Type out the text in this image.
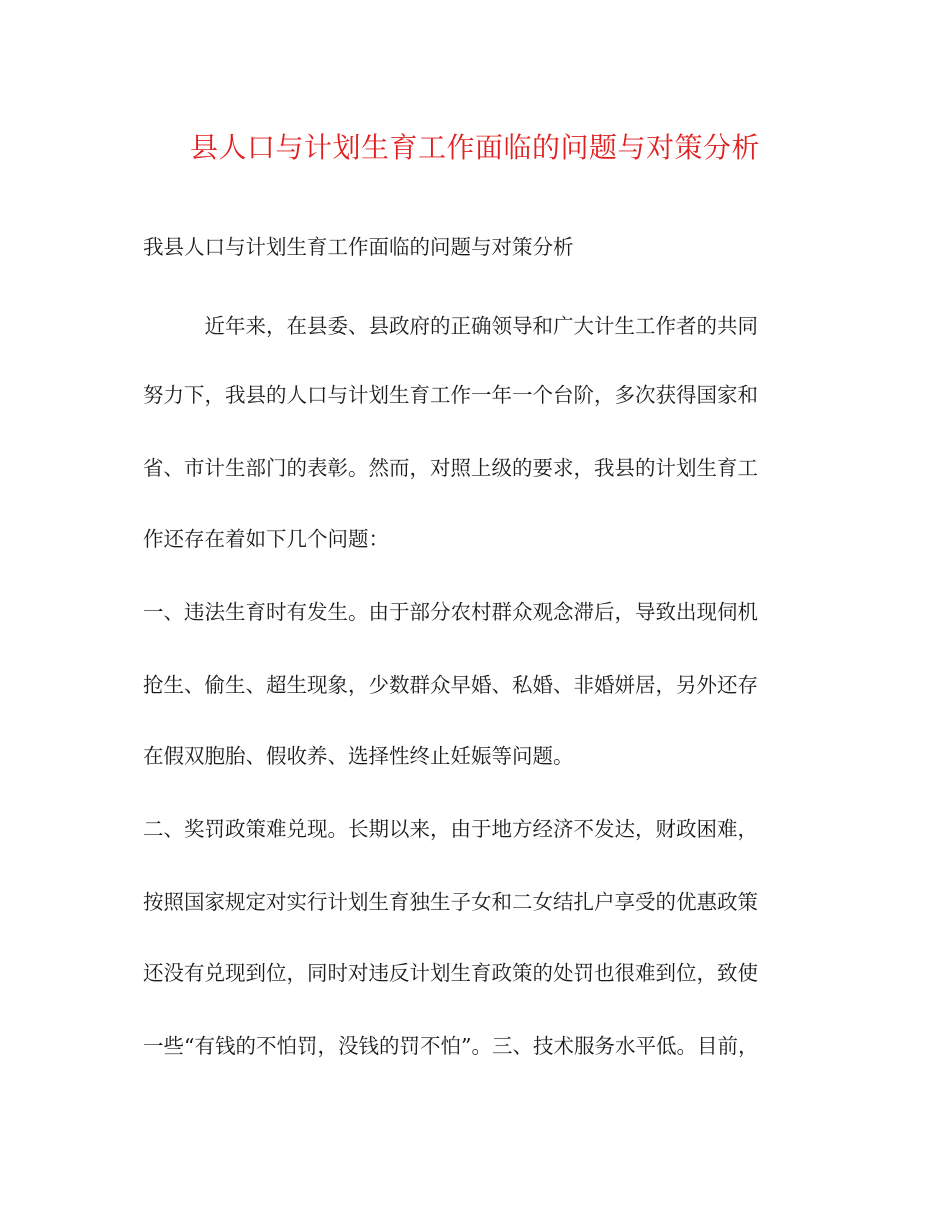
县人口与计划生育工作面临的问题与对策分析
我县人口与计划生育工作面临的问题与对策分析
　　　近年来，在县委、县政府的正确领导和广大计生工作者的共同
努力下，我县的人口与计划生育工作一年一个台阶，多次获得国家和
省、市计生部门的表彰。然而，对照上级的要求，我县的计划生育工
作还存在着如下几个问题：
一、违法生育时有发生。由于部分农村群众观念滞后，导致出现伺机
抢生、偷生、超生现象，少数群众早婚、私婚、非婚姘居，另外还存
在假双胞胎、假收养、选择性终止妊娠等问题。
二、奖罚政策难兑现。长期以来，由于地方经济不发达，财政困难，
按照国家规定对实行计划生育独生子女和二女结扎户享受的优惠政策
还没有兑现到位，同时对违反计划生育政策的处罚也很难到位，致使
一些“有钱的不怕罚，没钱的罚不怕”。三、技术服务水平低。目前，
